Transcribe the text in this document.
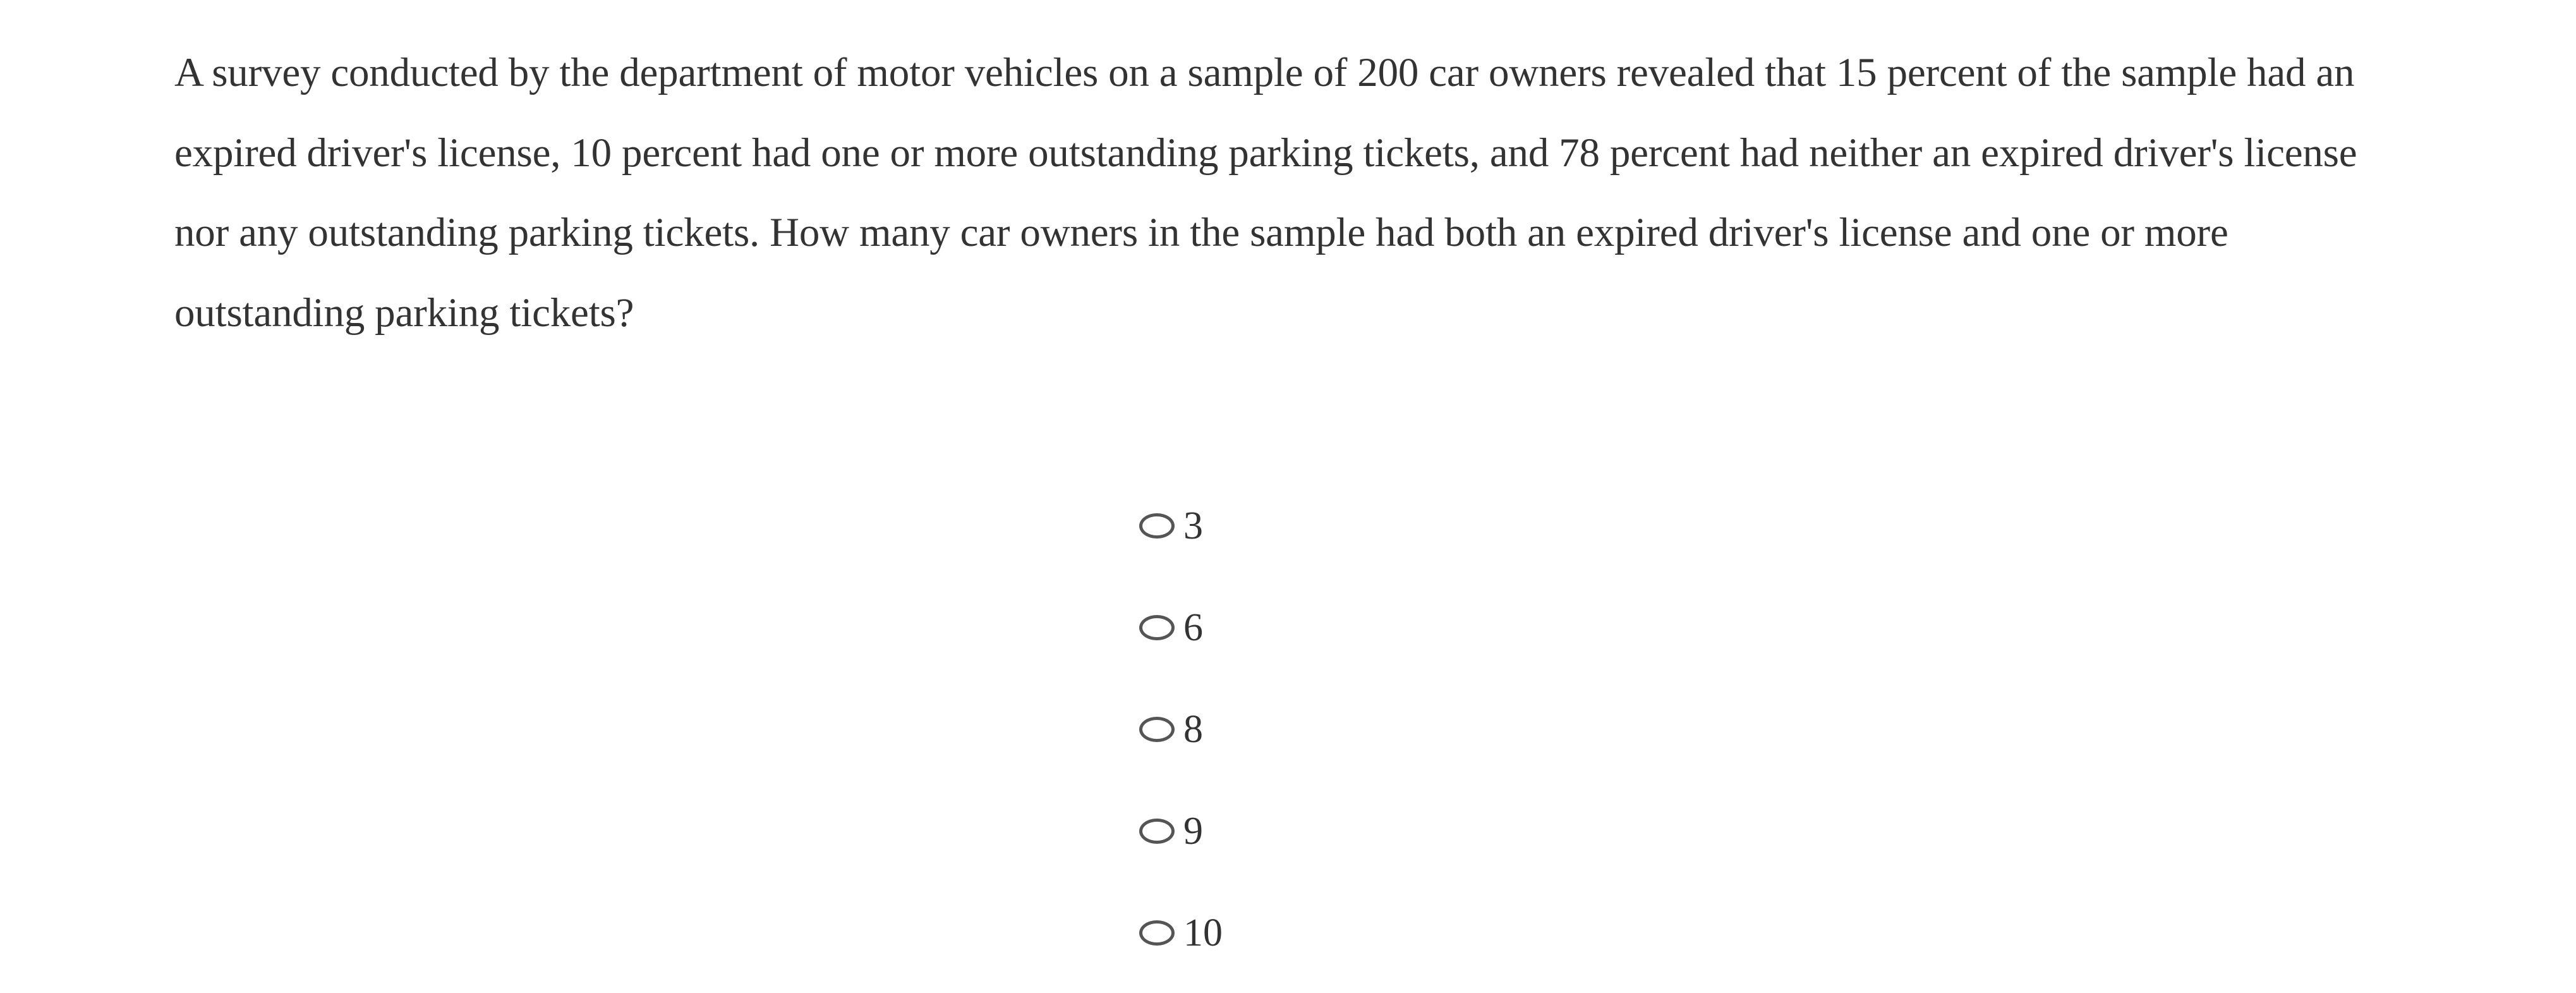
A survey conducted by the department of motor vehicles on a sample of 200 car owners revealed that 15 percent of the sample had an expired driver's license, 10 percent had one or more outstanding parking tickets, and 78 percent had neither an expired driver's license nor any outstanding parking tickets. How many car owners in the sample had both an expired driver's license and one or more outstanding parking tickets?

3
6
8
9
10
